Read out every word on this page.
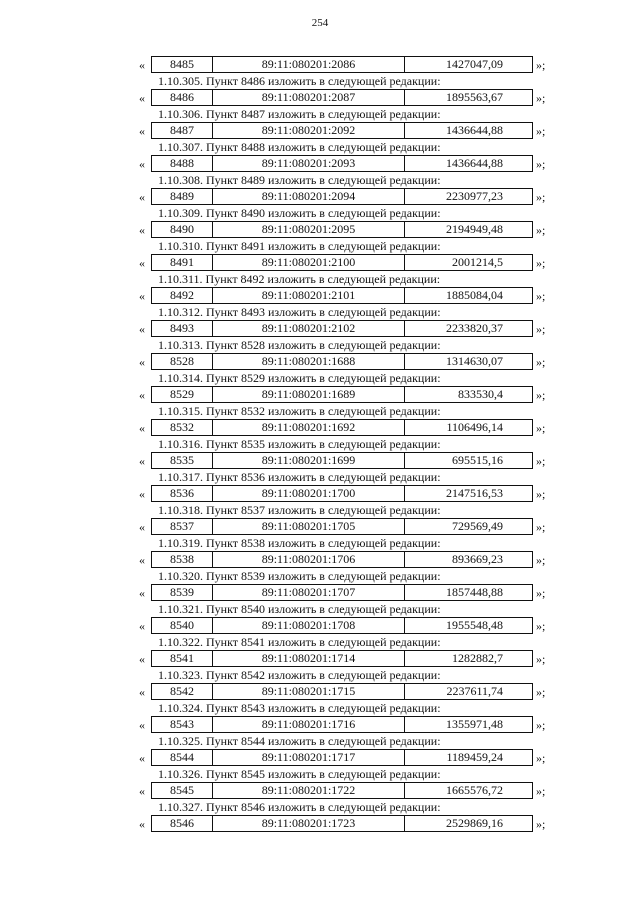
254
«	8485	89:11:080201:2086	1427047,09	»;
1.10.305. Пункт 8486 изложить в следующей редакции:
«	8486	89:11:080201:2087	1895563,67	»;
1.10.306. Пункт 8487 изложить в следующей редакции:
«	8487	89:11:080201:2092	1436644,88	»;
1.10.307. Пункт 8488 изложить в следующей редакции:
«	8488	89:11:080201:2093	1436644,88	»;
1.10.308. Пункт 8489 изложить в следующей редакции:
«	8489	89:11:080201:2094	2230977,23	»;
1.10.309. Пункт 8490 изложить в следующей редакции:
«	8490	89:11:080201:2095	2194949,48	»;
1.10.310. Пункт 8491 изложить в следующей редакции:
«	8491	89:11:080201:2100	2001214,5	»;
1.10.311. Пункт 8492 изложить в следующей редакции:
«	8492	89:11:080201:2101	1885084,04	»;
1.10.312. Пункт 8493 изложить в следующей редакции:
«	8493	89:11:080201:2102	2233820,37	»;
1.10.313. Пункт 8528 изложить в следующей редакции:
«	8528	89:11:080201:1688	1314630,07	»;
1.10.314. Пункт 8529 изложить в следующей редакции:
«	8529	89:11:080201:1689	833530,4	»;
1.10.315. Пункт 8532 изложить в следующей редакции:
«	8532	89:11:080201:1692	1106496,14	»;
1.10.316. Пункт 8535 изложить в следующей редакции:
«	8535	89:11:080201:1699	695515,16	»;
1.10.317. Пункт 8536 изложить в следующей редакции:
«	8536	89:11:080201:1700	2147516,53	»;
1.10.318. Пункт 8537 изложить в следующей редакции:
«	8537	89:11:080201:1705	729569,49	»;
1.10.319. Пункт 8538 изложить в следующей редакции:
«	8538	89:11:080201:1706	893669,23	»;
1.10.320. Пункт 8539 изложить в следующей редакции:
«	8539	89:11:080201:1707	1857448,88	»;
1.10.321. Пункт 8540 изложить в следующей редакции:
«	8540	89:11:080201:1708	1955548,48	»;
1.10.322. Пункт 8541 изложить в следующей редакции:
«	8541	89:11:080201:1714	1282882,7	»;
1.10.323. Пункт 8542 изложить в следующей редакции:
«	8542	89:11:080201:1715	2237611,74	»;
1.10.324. Пункт 8543 изложить в следующей редакции:
«	8543	89:11:080201:1716	1355971,48	»;
1.10.325. Пункт 8544 изложить в следующей редакции:
«	8544	89:11:080201:1717	1189459,24	»;
1.10.326. Пункт 8545 изложить в следующей редакции:
«	8545	89:11:080201:1722	1665576,72	»;
1.10.327. Пункт 8546 изложить в следующей редакции:
«	8546	89:11:080201:1723	2529869,16	»;
